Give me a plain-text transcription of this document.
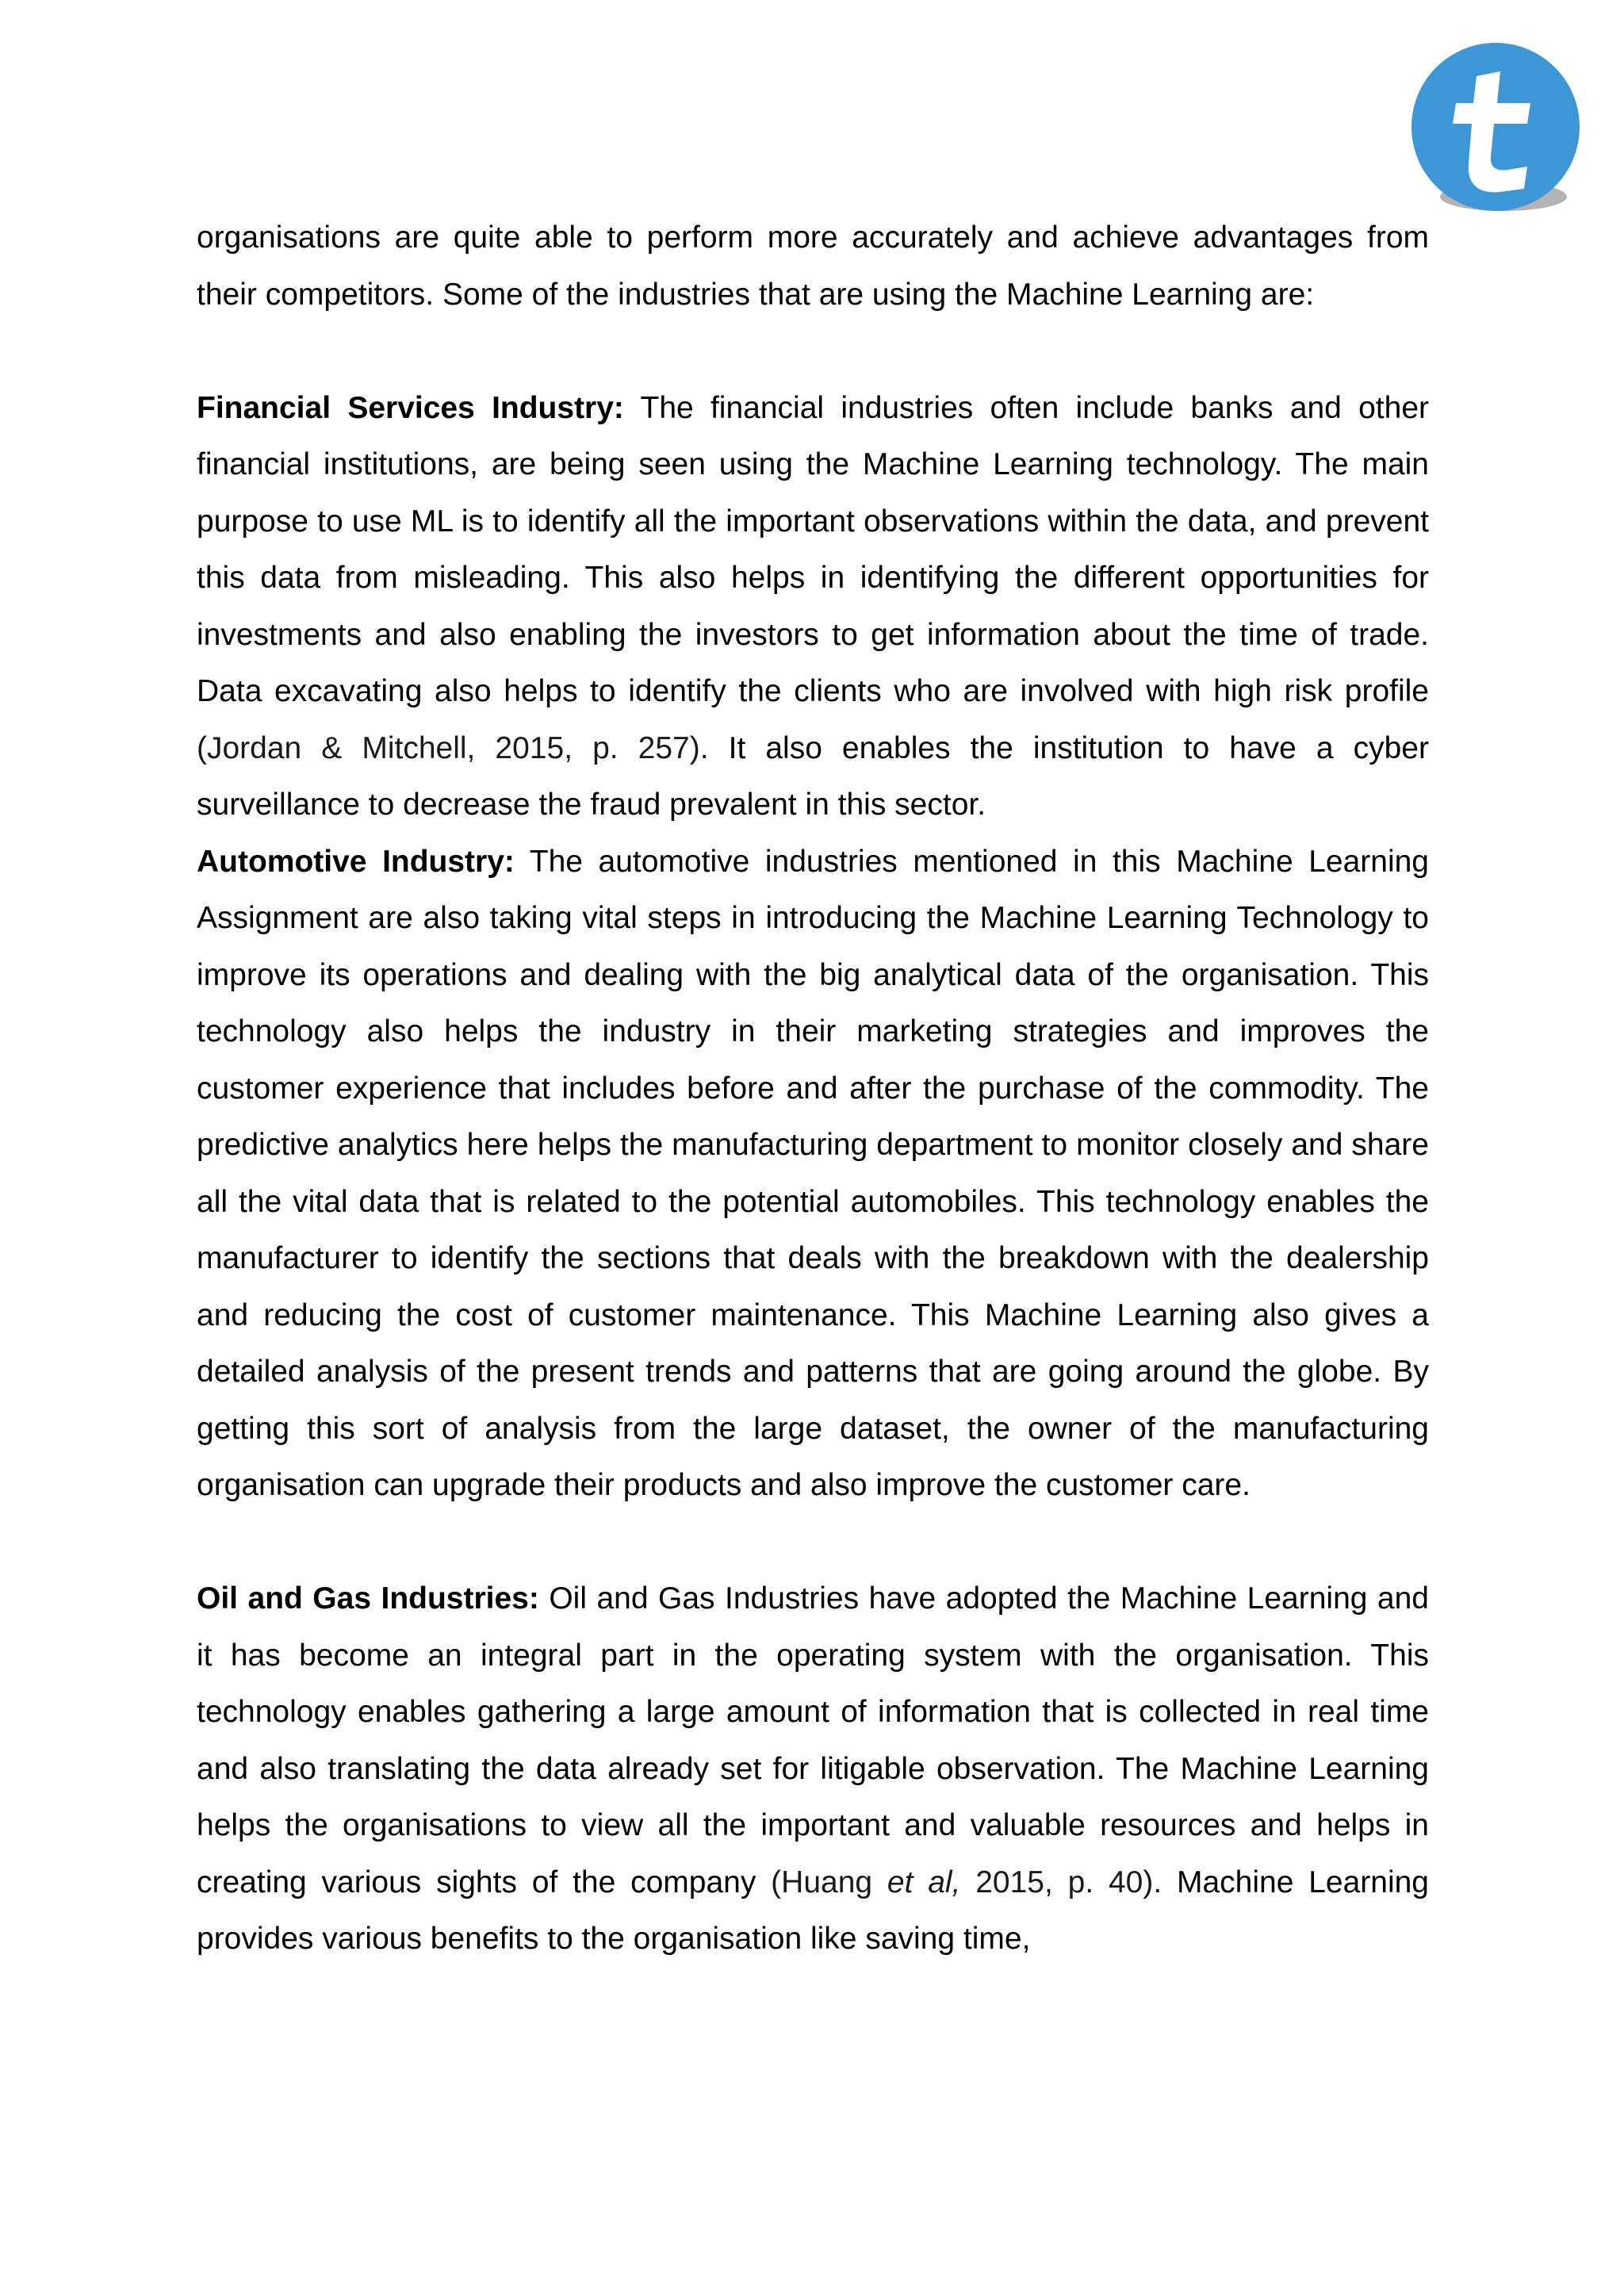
organisations are quite able to perform more accurately and achieve advantages from their competitors. Some of the industries that are using the Machine Learning are:

Financial Services Industry: The financial industries often include banks and other financial institutions, are being seen using the Machine Learning technology. The main purpose to use ML is to identify all the important observations within the data, and prevent this data from misleading. This also helps in identifying the different opportunities for investments and also enabling the investors to get information about the time of trade. Data excavating also helps to identify the clients who are involved with high risk profile (Jordan & Mitchell, 2015, p. 257). It also enables the institution to have a cyber surveillance to decrease the fraud prevalent in this sector.

Automotive Industry: The automotive industries mentioned in this Machine Learning Assignment are also taking vital steps in introducing the Machine Learning Technology to improve its operations and dealing with the big analytical data of the organisation. This technology also helps the industry in their marketing strategies and improves the customer experience that includes before and after the purchase of the commodity. The predictive analytics here helps the manufacturing department to monitor closely and share all the vital data that is related to the potential automobiles. This technology enables the manufacturer to identify the sections that deals with the breakdown with the dealership and reducing the cost of customer maintenance. This Machine Learning also gives a detailed analysis of the present trends and patterns that are going around the globe. By getting this sort of analysis from the large dataset, the owner of the manufacturing organisation can upgrade their products and also improve the customer care.

Oil and Gas Industries: Oil and Gas Industries have adopted the Machine Learning and it has become an integral part in the operating system with the organisation. This technology enables gathering a large amount of information that is collected in real time and also translating the data already set for litigable observation. The Machine Learning helps the organisations to view all the important and valuable resources and helps in creating various sights of the company (Huang et al, 2015, p. 40). Machine Learning provides various benefits to the organisation like saving time,
